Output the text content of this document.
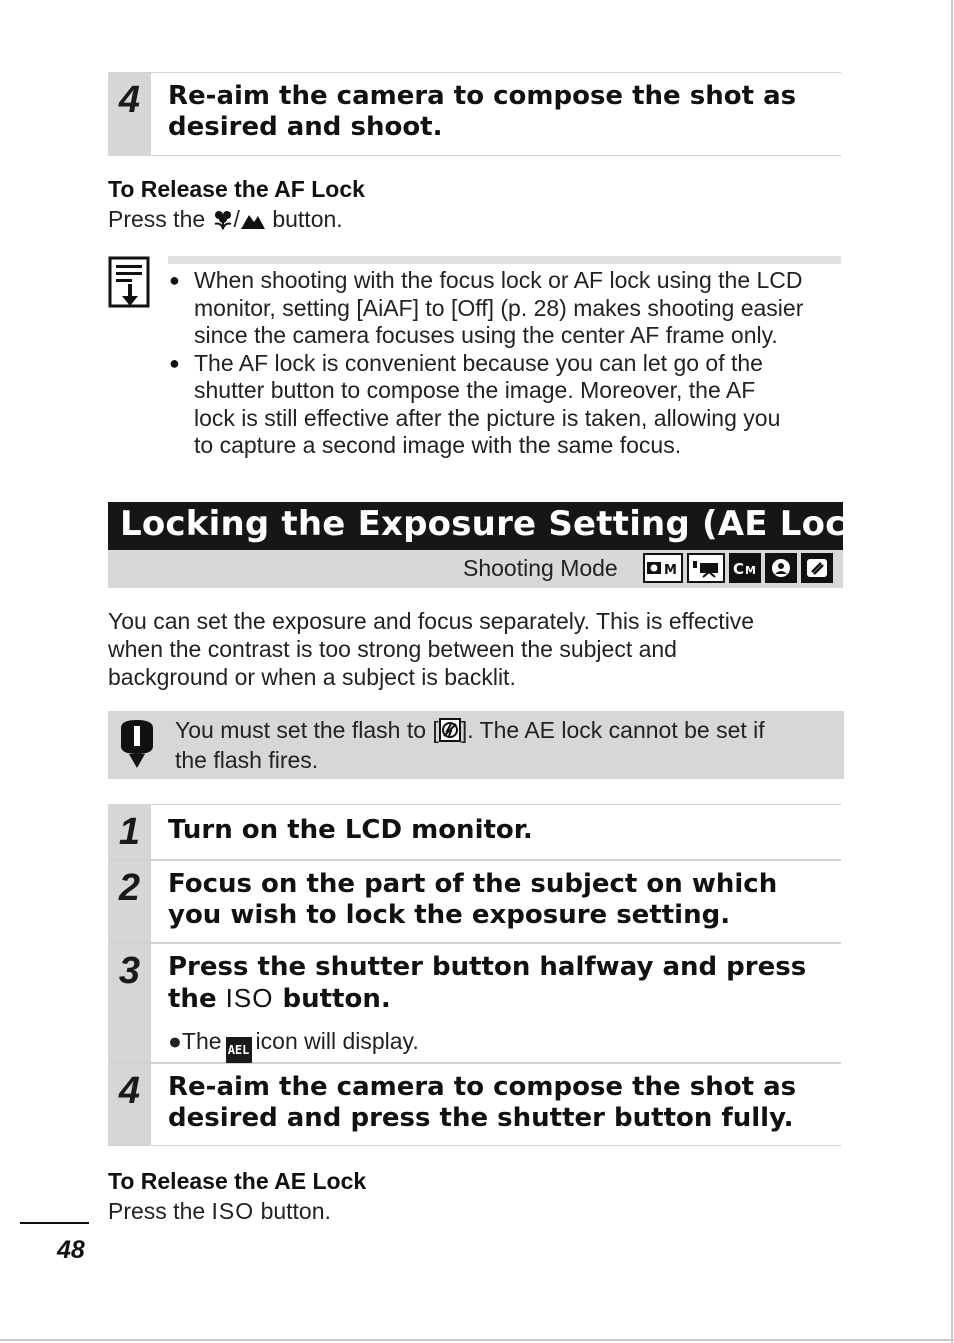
4	Re-aim the camera to compose the shot as
desired and shoot.
To Release the AF Lock
Press the / button.
● When shooting with the focus lock or AF lock using the LCD
monitor, setting [AiAF] to [Off] (p. 28) makes shooting easier
since the camera focuses using the center AF frame only.
● The AF lock is convenient because you can let go of the
shutter button to compose the image. Moreover, the AF
lock is still effective after the picture is taken, allowing you
to capture a second image with the same focus.
Locking the Exposure Setting (AE Lock)
Shooting Mode	M	C M
You can set the exposure and focus separately. This is effective
when the contrast is too strong between the subject and
background or when a subject is backlit.
You must set the flash to [ ]. The AE lock cannot be set if
the flash fires.
1	Turn on the LCD monitor.
2	Focus on the part of the subject on which
you wish to lock the exposure setting.
3	Press the shutter button halfway and press
the ISO button.
●The AEL icon will display.
4	Re-aim the camera to compose the shot as
desired and press the shutter button fully.
To Release the AE Lock
Press the ISO button.
48
